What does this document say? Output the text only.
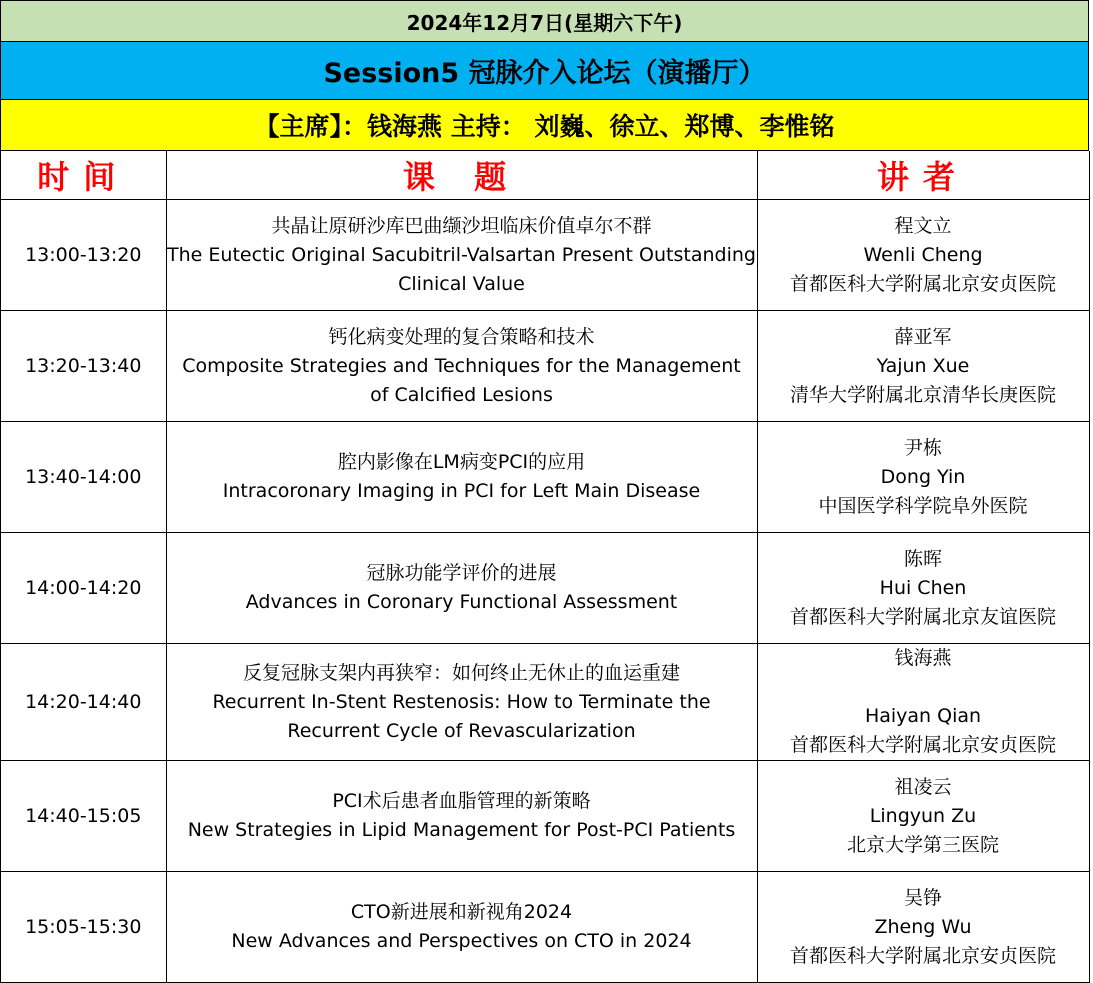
2024年12月7日(星期六下午)
Session5 冠脉介入论坛（演播厅）
【主席】：钱海燕 主持： 刘巍、徐立、郑博、李惟铭
时间	课 题	讲者
13:00-13:20	共晶让原研沙库巴曲缬沙坦临床价值卓尔不群
The Eutectic Original Sacubitril-Valsartan Present Outstanding
Clinical Value	程文立
Wenli Cheng
首都医科大学附属北京安贞医院

13:20-13:40	钙化病变处理的复合策略和技术
Composite Strategies and Techniques for the Management
of Calcified Lesions	薛亚军
Yajun Xue
清华大学附属北京清华长庚医院

13:40-14:00	腔内影像在LM病变PCI的应用
Intracoronary Imaging in PCI for Left Main Disease	尹栋
Dong Yin
中国医学科学院阜外医院

14:00-14:20	冠脉功能学评价的进展
Advances in Coronary Functional Assessment	陈晖
Hui Chen
首都医科大学附属北京友谊医院

14:20-14:40	反复冠脉支架内再狭窄：如何终止无休止的血运重建
Recurrent In-Stent Restenosis: How to Terminate the
Recurrent Cycle of Revascularization	钱海燕
Haiyan Qian
首都医科大学附属北京安贞医院

14:40-15:05	PCI术后患者血脂管理的新策略
New Strategies in Lipid Management for Post-PCI Patients	祖凌云
Lingyun Zu
北京大学第三医院

15:05-15:30	CTO新进展和新视角2024
New Advances and Perspectives on CTO in 2024	吴铮
Zheng Wu
首都医科大学附属北京安贞医院
